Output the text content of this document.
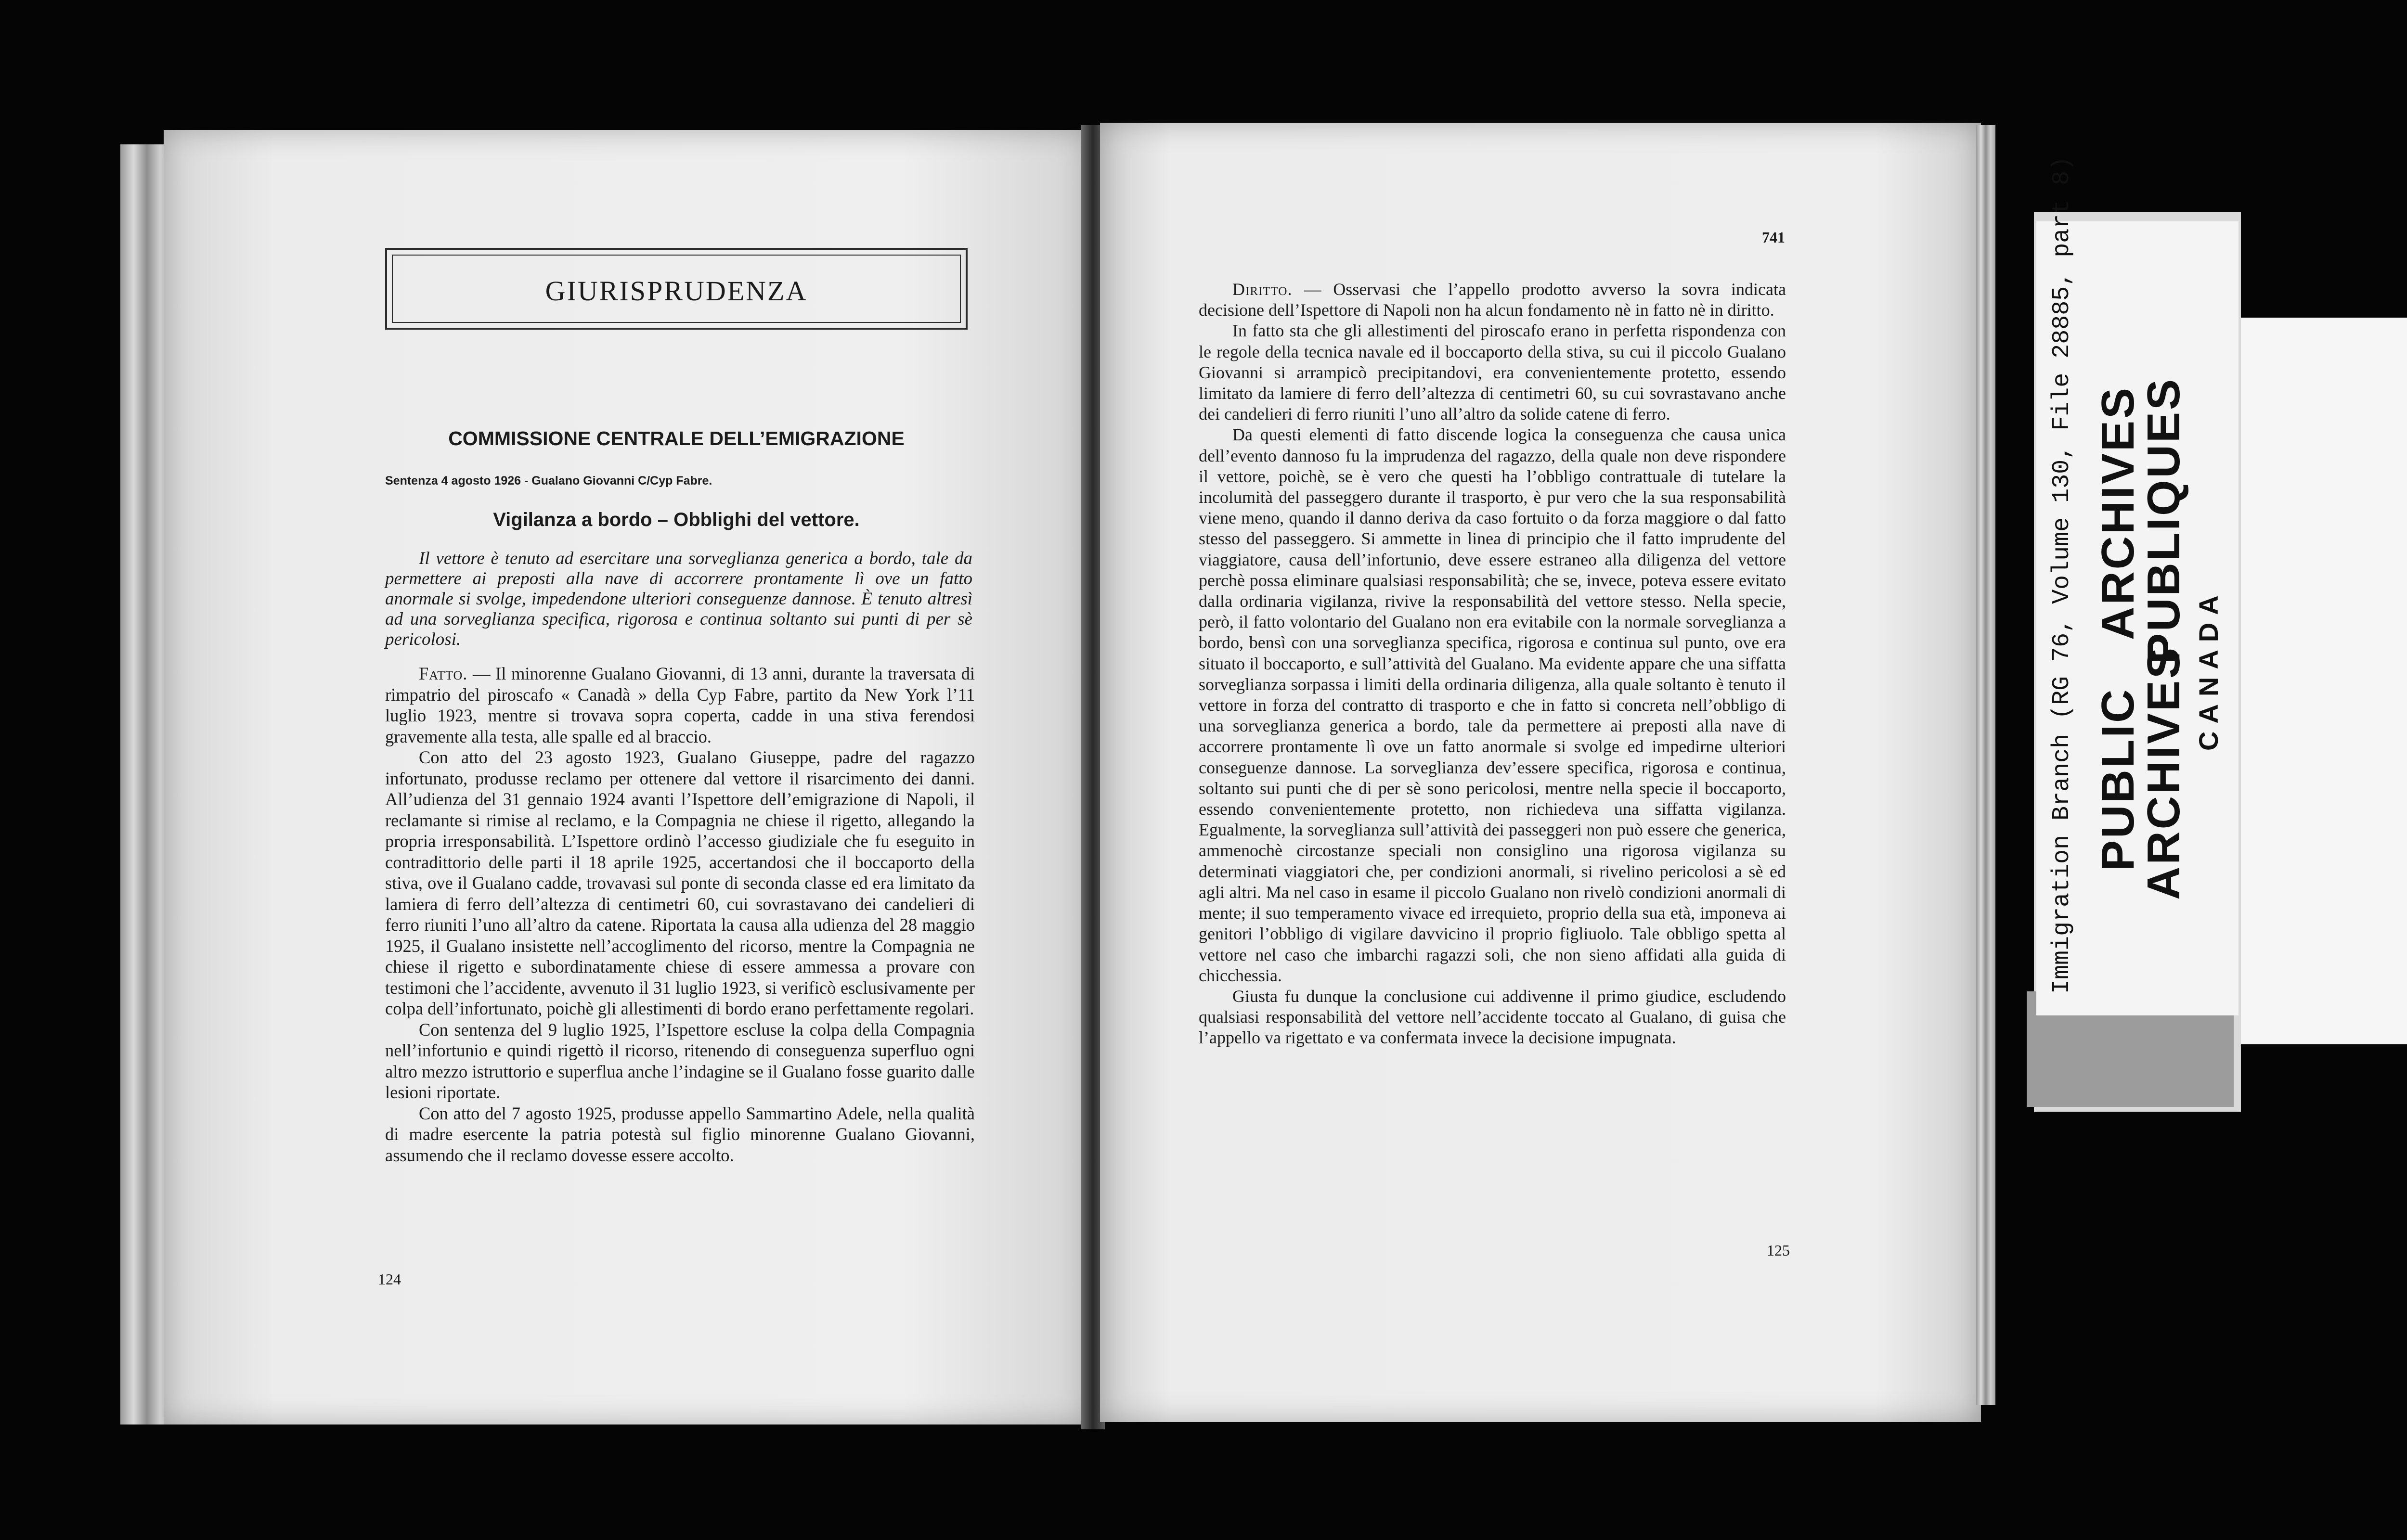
GIURISPRUDENZA
COMMISSIONE CENTRALE DELL’EMIGRAZIONE
Sentenza 4 agosto 1926 - Gualano Giovanni C/Cyp Fabre.
Vigilanza a bordo – Obblighi del vettore.

Il vettore è tenuto ad esercitare una sorveglianza generica a bordo, tale da permettere ai preposti alla nave di accorrere prontamente lì ove un fatto anormale si svolge, impedendone ulteriori conseguenze dannose. È tenuto altresì ad una sorveglianza specifica, rigorosa e continua soltanto sui punti di per sè pericolosi.

Fatto. — Il minorenne Gualano Giovanni, di 13 anni, durante la traversata di rimpatrio del piroscafo « Canadà » della Cyp Fabre, partito da New York l’11 luglio 1923, mentre si trovava sopra coperta, cadde in una stiva ferendosi gravemente alla testa, alle spalle ed al braccio.

Con atto del 23 agosto 1923, Gualano Giuseppe, padre del ragazzo infortunato, produsse reclamo per ottenere dal vettore il risarcimento dei danni. All’udienza del 31 gennaio 1924 avanti l’Ispettore dell’emigrazione di Napoli, il reclamante si rimise al reclamo, e la Compagnia ne chiese il rigetto, allegando la propria irresponsabilità. L’Ispettore ordinò l’accesso giudiziale che fu eseguito in contradittorio delle parti il 18 aprile 1925, accertandosi che il boccaporto della stiva, ove il Gualano cadde, trovavasi sul ponte di seconda classe ed era limitato da lamiera di ferro dell’altezza di centimetri 60, cui sovrastavano dei candelieri di ferro riuniti l’uno all’altro da catene. Riportata la causa alla udienza del 28 maggio 1925, il Gualano insistette nell’accoglimento del ricorso, mentre la Compagnia ne chiese il rigetto e subordinatamente chiese di essere ammessa a provare con testimoni che l’accidente, avvenuto il 31 luglio 1923, si verificò esclusivamente per colpa dell’infortunato, poichè gli allestimenti di bordo erano perfettamente regolari.

Con sentenza del 9 luglio 1925, l’Ispettore escluse la colpa della Compagnia nell’infortunio e quindi rigettò il ricorso, ritenendo di conseguenza superfluo ogni altro mezzo istruttorio e superflua anche l’indagine se il Gualano fosse guarito dalle lesioni riportate.

Con atto del 7 agosto 1925, produsse appello Sammartino Adele, nella qualità di madre esercente la patria potestà sul figlio minorenne Gualano Giovanni, assumendo che il reclamo dovesse essere accolto.

124
741

Diritto. — Osservasi che l’appello prodotto avverso la sovra indicata decisione dell’Ispettore di Napoli non ha alcun fondamento nè in fatto nè in diritto.

In fatto sta che gli allestimenti del piroscafo erano in perfetta rispondenza con le regole della tecnica navale ed il boccaporto della stiva, su cui il piccolo Gualano Giovanni si arrampicò precipitandovi, era convenientemente protetto, essendo limitato da lamiere di ferro dell’altezza di centimetri 60, su cui sovrastavano anche dei candelieri di ferro riuniti l’uno all’altro da solide catene di ferro.

Da questi elementi di fatto discende logica la conseguenza che causa unica dell’evento dannoso fu la imprudenza del ragazzo, della quale non deve rispondere il vettore, poichè, se è vero che questi ha l’obbligo contrattuale di tutelare la incolumità del passeggero durante il trasporto, è pur vero che la sua responsabilità viene meno, quando il danno deriva da caso fortuito o da forza maggiore o dal fatto stesso del passeggero. Si ammette in linea di principio che il fatto imprudente del viaggiatore, causa dell’infortunio, deve essere estraneo alla diligenza del vettore perchè possa eliminare qualsiasi responsabilità; che se, invece, poteva essere evitato dalla ordinaria vigilanza, rivive la responsabilità del vettore stesso. Nella specie, però, il fatto volontario del Gualano non era evitabile con la normale sorveglianza a bordo, bensì con una sorveglianza specifica, rigorosa e continua sul punto, ove era situato il boccaporto, e sull’attività del Gualano. Ma evidente appare che una siffatta sorveglianza sorpassa i limiti della ordinaria diligenza, alla quale soltanto è tenuto il vettore in forza del contratto di trasporto e che in fatto si concreta nell’obbligo di una sorveglianza generica a bordo, tale da permettere ai preposti alla nave di accorrere prontamente lì ove un fatto anormale si svolge ed impedirne ulteriori conseguenze dannose. La sorveglianza dev’essere specifica, rigorosa e continua, soltanto sui punti che di per sè sono pericolosi, mentre nella specie il boccaporto, essendo convenientemente protetto, non richiedeva una siffatta vigilanza. Egualmente, la sorveglianza sull’attività dei passeggeri non può essere che generica, ammenochè circostanze speciali non consiglino una rigorosa vigilanza su determinati viaggiatori che, per condizioni anormali, si rivelino pericolosi a sè ed agli altri. Ma nel caso in esame il piccolo Gualano non rivelò condizioni anormali di mente; il suo temperamento vivace ed irrequieto, proprio della sua età, imponeva ai genitori l’obbligo di vigilare davvicino il proprio figliuolo. Tale obbligo spetta al vettore nel caso che imbarchi ragazzi soli, che non sieno affidati alla guida di chicchessia.

Giusta fu dunque la conclusione cui addivenne il primo giudice, escludendo qualsiasi responsabilità del vettore nell’accidente toccato al Gualano, di guisa che l’appello va rigettato e va confermata invece la decisione impugnata.

125
Immigration Branch (RG 76, Volume 130, File 28885, part 8) PUBLIC
ARCHIVES
ARCHIVES
PUBLIQUES
CANADA
